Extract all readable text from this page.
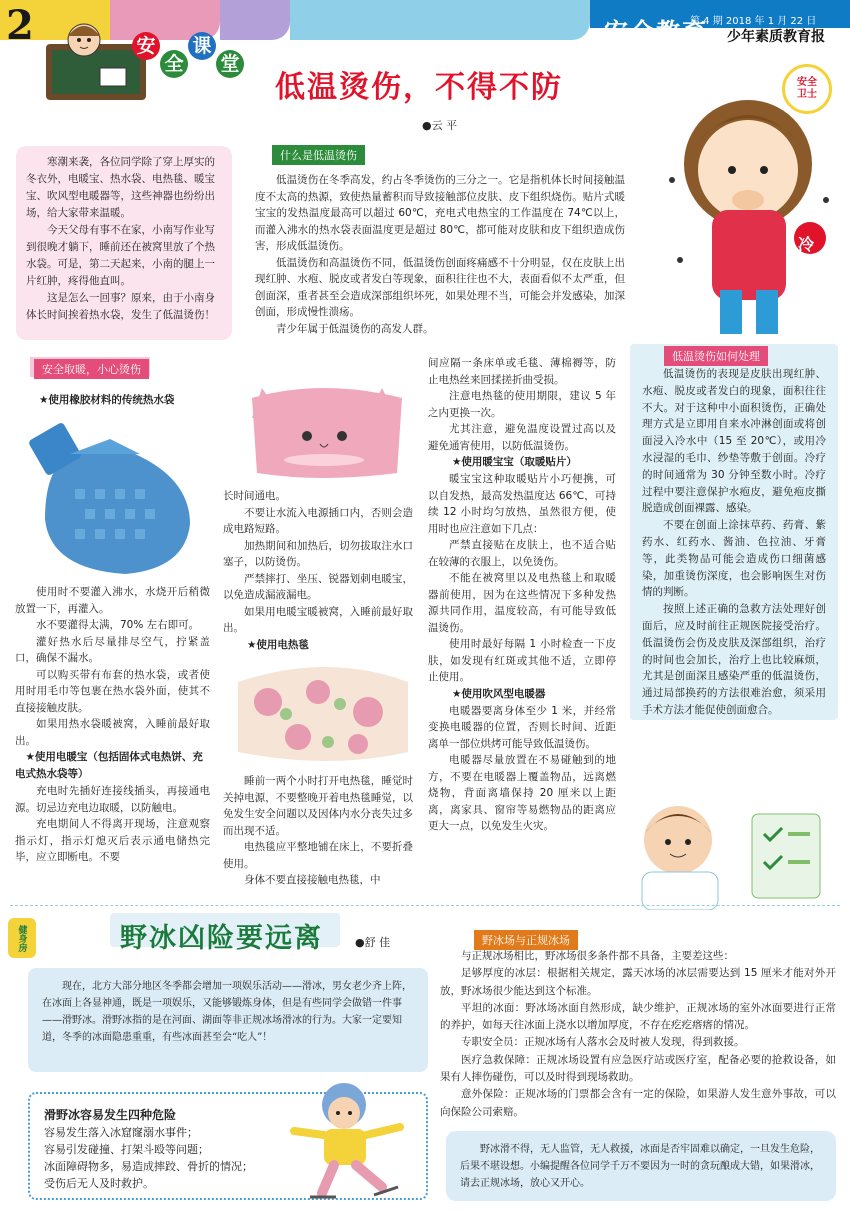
2	安
全
课
堂
安全教育
第 4 期 2018 年 1 月 22 日
少年素质教育报
安全卫士
冷
低温烫伤，不得不防
●云 平

寒潮来袭，各位同学除了穿上厚实的冬衣外，电暖宝、热水袋、电热毯、暖宝宝、吹风型电暖器等，这些神器也纷纷出场，给大家带来温暖。

今天父母有事不在家，小南写作业写到很晚才躺下，睡前还在被窝里放了个热水袋。可是，第二天起来，小南的腿上一片红肿，疼得他直叫。

这是怎么一回事？原来，由于小南身体长时间挨着热水袋，发生了低温烫伤！

什么是低温烫伤

低温烫伤在冬季高发，约占冬季烫伤的三分之一。它是指机体长时间接触温度不太高的热源，致使热量蓄积而导致接触部位皮肤、皮下组织烧伤。贴片式暖宝宝的发热温度最高可以超过 60℃，充电式电热宝的工作温度在 74℃以上，而灌入沸水的热水袋表面温度更是超过 80℃，都可能对皮肤和皮下组织造成伤害，形成低温烫伤。

低温烫伤和高温烫伤不同，低温烫伤创面疼痛感不十分明显，仅在皮肤上出现红肿、水疱、脱皮或者发白等现象，面积往往也不大，表面看似不太严重，但创面深，重者甚至会造成深部组织坏死，如果处理不当，可能会并发感染，加深创面，形成慢性溃疡。

青少年属于低温烫伤的高发人群。

安全取暖，小心烫伤
★使用橡胶材料的传统热水袋

使用时不要灌入沸水，水烧开后稍微放置一下，再灌入。

水不要灌得太满，70% 左右即可。

灌好热水后尽量排尽空气，拧紧盖口，确保不漏水。

可以购买带有布套的热水袋，或者使用时用毛巾等包裹在热水袋外面，使其不直接接触皮肤。

如果用热水袋暖被窝，入睡前最好取出。

★使用电暖宝（包括固体式电热饼、充电式热水袋等）

充电时先插好连接线插头，再接通电源。切忌边充电边取暖，以防触电。

充电期间人不得离开现场，注意观察指示灯，指示灯熄灭后表示通电储热完毕，应立即断电。不要

长时间通电。

不要让水流入电源插口内，否则会造成电路短路。

加热期间和加热后，切勿拔取注水口塞子，以防烫伤。

严禁摔打、坐压、锐器划刺电暖宝，以免造成漏液漏电。

如果用电暖宝暖被窝，入睡前最好取出。

★使用电热毯

睡前一两个小时打开电热毯，睡觉时关掉电源，不要整晚开着电热毯睡觉，以免发生安全问题以及因体内水分丧失过多而出现不适。

电热毯应平整地铺在床上，不要折叠使用。

身体不要直接接触电热毯，中

间应隔一条床单或毛毯、薄棉褥等，防止电热丝来回揉搓折曲受损。

注意电热毯的使用期限，建议 5 年之内更换一次。

尤其注意，避免温度设置过高以及避免通宵使用，以防低温烫伤。

★使用暖宝宝（取暖贴片）

暖宝宝这种取暖贴片小巧便携，可以自发热，最高发热温度达 66℃，可持续 12 小时均匀放热，虽然很方便，使用时也应注意如下几点：

严禁直接贴在皮肤上，也不适合贴在较薄的衣服上，以免烫伤。

不能在被窝里以及电热毯上和取暖器前使用，因为在这些情况下多种发热源共同作用，温度较高，有可能导致低温烫伤。

使用时最好每隔 1 小时检查一下皮肤，如发现有红斑或其他不适，立即停止使用。

★使用吹风型电暖器

电暖器要离身体至少 1 米，并经常变换电暖器的位置，否则长时间、近距离单一部位烘烤可能导致低温烫伤。

电暖器尽量放置在不易碰触到的地方，不要在电暖器上覆盖物品，远离燃烧物，背面离墙保持 20 厘米以上距离，离家具、窗帘等易燃物品的距离应更大一点，以免发生火灾。

低温烫伤的表现是皮肤出现红肿、水疱、脱皮或者发白的现象，面积往往不大。对于这种中小面积烫伤，正确处理方式是立即用自来水冲淋创面或将创面浸入冷水中（15 至 20℃），或用冷水浸湿的毛巾、纱垫等敷于创面。冷疗的时间通常为 30 分钟至数小时。冷疗过程中要注意保护水疱皮，避免疱皮撕脱造成创面裸露、感染。

不要在创面上涂抹草药、药膏、紫药水、红药水、酱油、色拉油、牙膏等，此类物品可能会造成伤口细菌感染，加重烫伤深度，也会影响医生对伤情的判断。

按照上述正确的急救方法处理好创面后，应及时前往正规医院接受治疗。低温烫伤会伤及皮肤及深部组织，治疗的时间也会加长，治疗上也比较麻烦，尤其是创面深且感染严重的低温烫伤，通过局部换药的方法很难治愈，须采用手术方法才能促使创面愈合。

低温烫伤如何处理
健身房	野冰凶险要远离	●舒 佳

现在，北方大部分地区冬季都会增加一项娱乐活动——滑冰，男女老少齐上阵，在冰面上各显神通，既是一项娱乐，又能够锻炼身体，但是有些同学会做错一件事——滑野冰。滑野冰指的是在河面、湖面等非正规冰场滑冰的行为。大家一定要知道，冬季的冰面隐患重重，有些冰面甚至会“吃人”！

滑野冰容易发生四种危险
容易发生落入冰窟窿溺水事件；
容易引发碰撞、打架斗殴等问题；
冰面障碍物多，易造成摔跤、骨折的情况；
受伤后无人及时救护。
野冰场与正规冰场

与正规冰场相比，野冰场很多条件都不具备，主要差这些：

足够厚度的冰层：根据相关规定，露天冰场的冰层需要达到 15 厘米才能对外开放，野冰场很少能达到这个标准。

平坦的冰面：野冰场冰面自然形成，缺少维护，正规冰场的室外冰面要进行正常的养护，如每天往冰面上浇水以增加厚度，不存在疙疙瘩瘩的情况。

专职安全员：正规冰场有人落水会及时被人发现，得到救援。

医疗急救保障：正规冰场设置有应急医疗站或医疗室，配备必要的抢救设备，如果有人摔伤碰伤，可以及时得到现场救助。

意外保险：正规冰场的门票都会含有一定的保险，如果游人发生意外事故，可以向保险公司索赔。

野冰滑不得，无人监管，无人救援，冰面是否牢固难以确定，一旦发生危险，后果不堪设想。小编提醒各位同学千万不要因为一时的贪玩酿成大错，如果滑冰，请去正规冰场，放心又开心。
